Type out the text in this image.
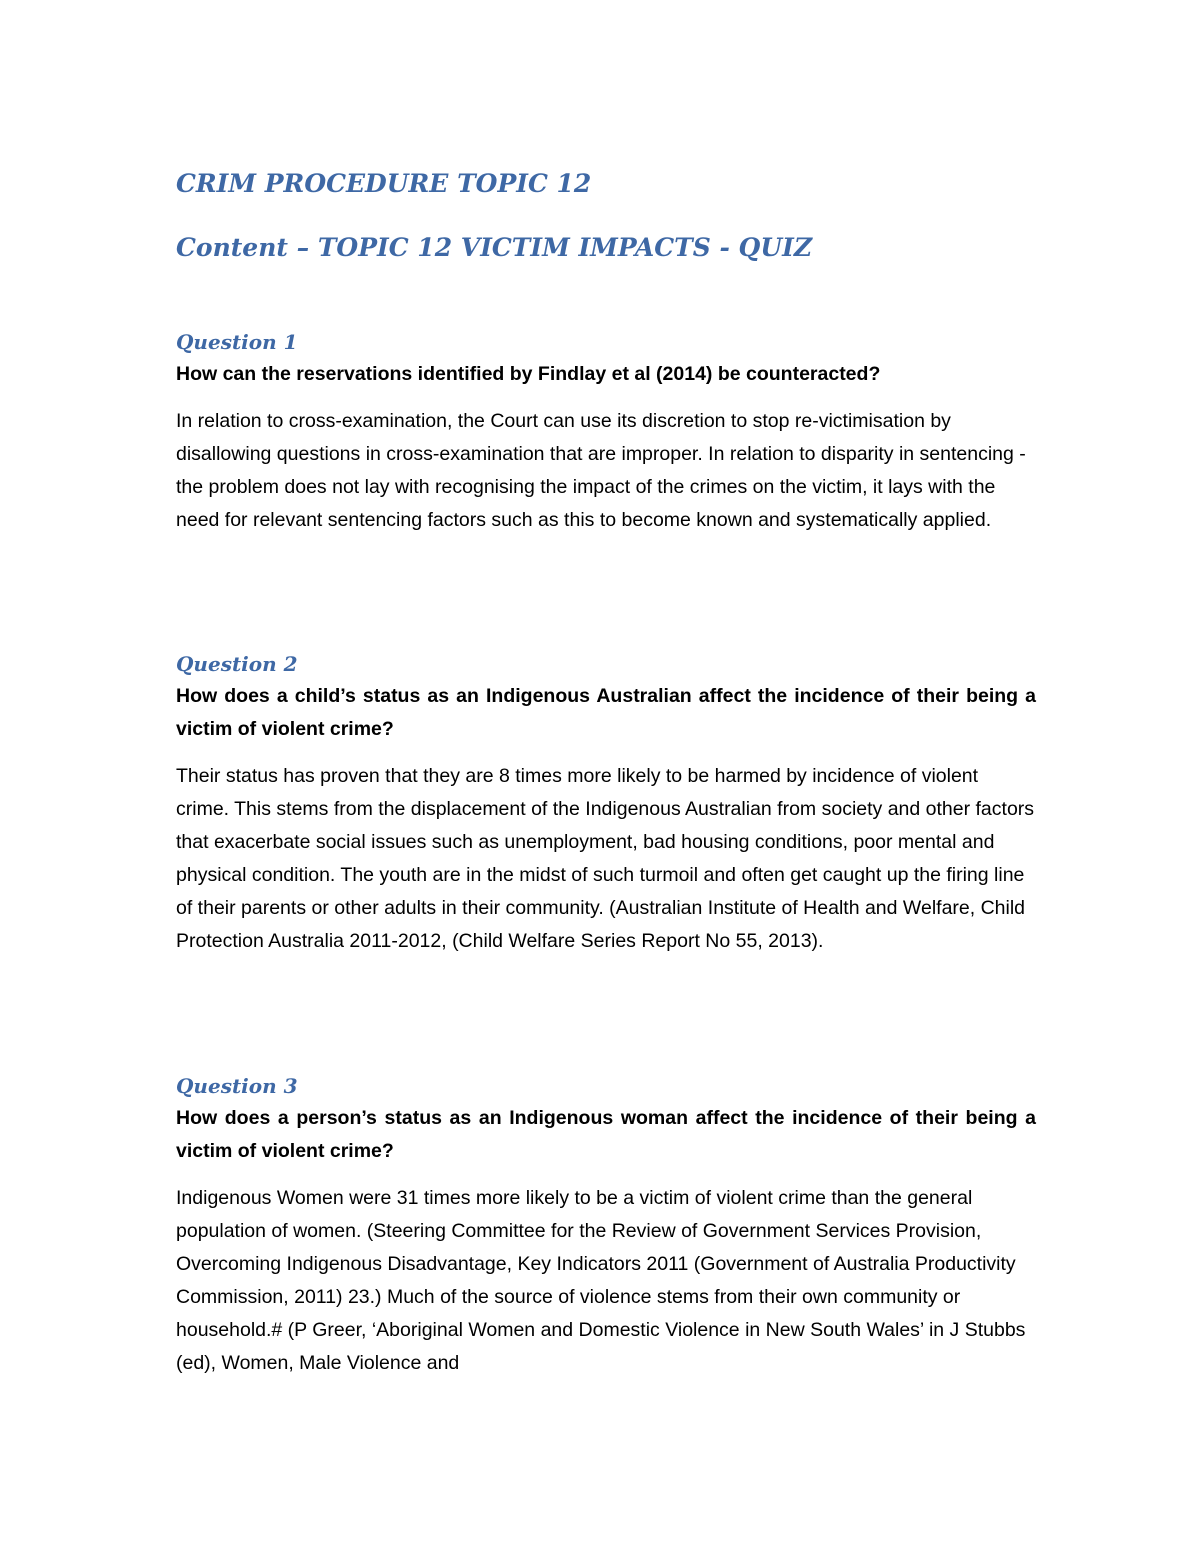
CRIM PROCEDURE TOPIC 12
Content – TOPIC 12 VICTIM IMPACTS - QUIZ
Question 1

How can the reservations identified by Findlay et al (2014) be counteracted?

In relation to cross-examination, the Court can use its discretion to stop re-victimisation by disallowing questions in cross-examination that are improper. In relation to disparity in sentencing - the problem does not lay with recognising the impact of the crimes on the victim, it lays with the need for relevant sentencing factors such as this to become known and systematically applied.

Question 2

How does a child’s status as an Indigenous Australian affect the incidence of their being a victim of violent crime?

Their status has proven that they are 8 times more likely to be harmed by incidence of violent crime. This stems from the displacement of the Indigenous Australian from society and other factors that exacerbate social issues such as unemployment, bad housing conditions, poor mental and physical condition. The youth are in the midst of such turmoil and often get caught up the firing line of their parents or other adults in their community. (Australian Institute of Health and Welfare, Child Protection Australia 2011-2012, (Child Welfare Series Report No 55, 2013).

Question 3

How does a person’s status as an Indigenous woman affect the incidence of their being a victim of violent crime?

Indigenous Women were 31 times more likely to be a victim of violent crime than the general population of women. (Steering Committee for the Review of Government Services Provision, Overcoming Indigenous Disadvantage, Key Indicators 2011 (Government of Australia Productivity Commission, 2011) 23.) Much of the source of violence stems from their own community or household.# (P Greer, ‘Aboriginal Women and Domestic Violence in New South Wales’ in J Stubbs (ed), Women, Male Violence and
